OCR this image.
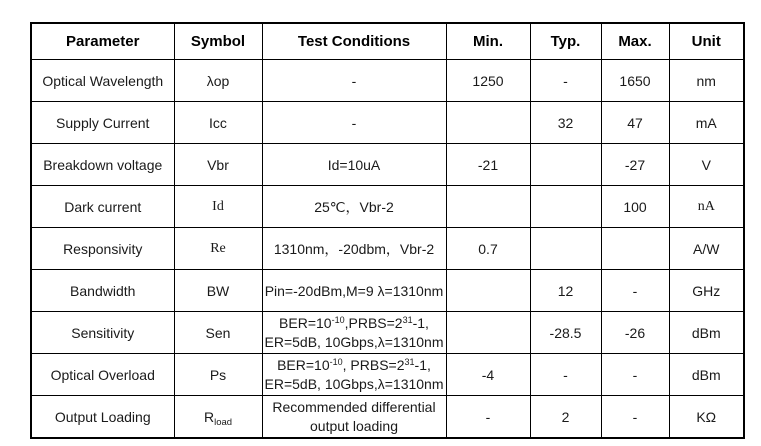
Parameter	Symbol	Test Conditions	Min.	Typ.	Max.	Unit
Optical Wavelength	λop	-	1250	-	1650	nm
Supply Current	Icc	-		32	47	mA
Breakdown voltage	Vbr	Id=10uA	-21		-27	V
Dark current	Id	25℃，Vbr-2			100	nA
Responsivity	Re	1310nm，-20dbm，Vbr-2	0.7			A/W
Bandwidth	BW	Pin=-20dBm,M=9 λ=1310nm		12	-	GHz
Sensitivity	Sen	$BER=10^{-10},PRBS=2^{31}-1$,
ER=5dB, 10Gbps,λ=1310nm		-28.5	-26	dBm
Optical Overload	Ps	$BER=10^{-10}$, $PRBS=2^{31}-1$,
ER=5dB, 10Gbps,λ=1310nm	-4	-	-	dBm
Output Loading	$R_{load}$	Recommended differential
output loading	-	2	-	KΩ
